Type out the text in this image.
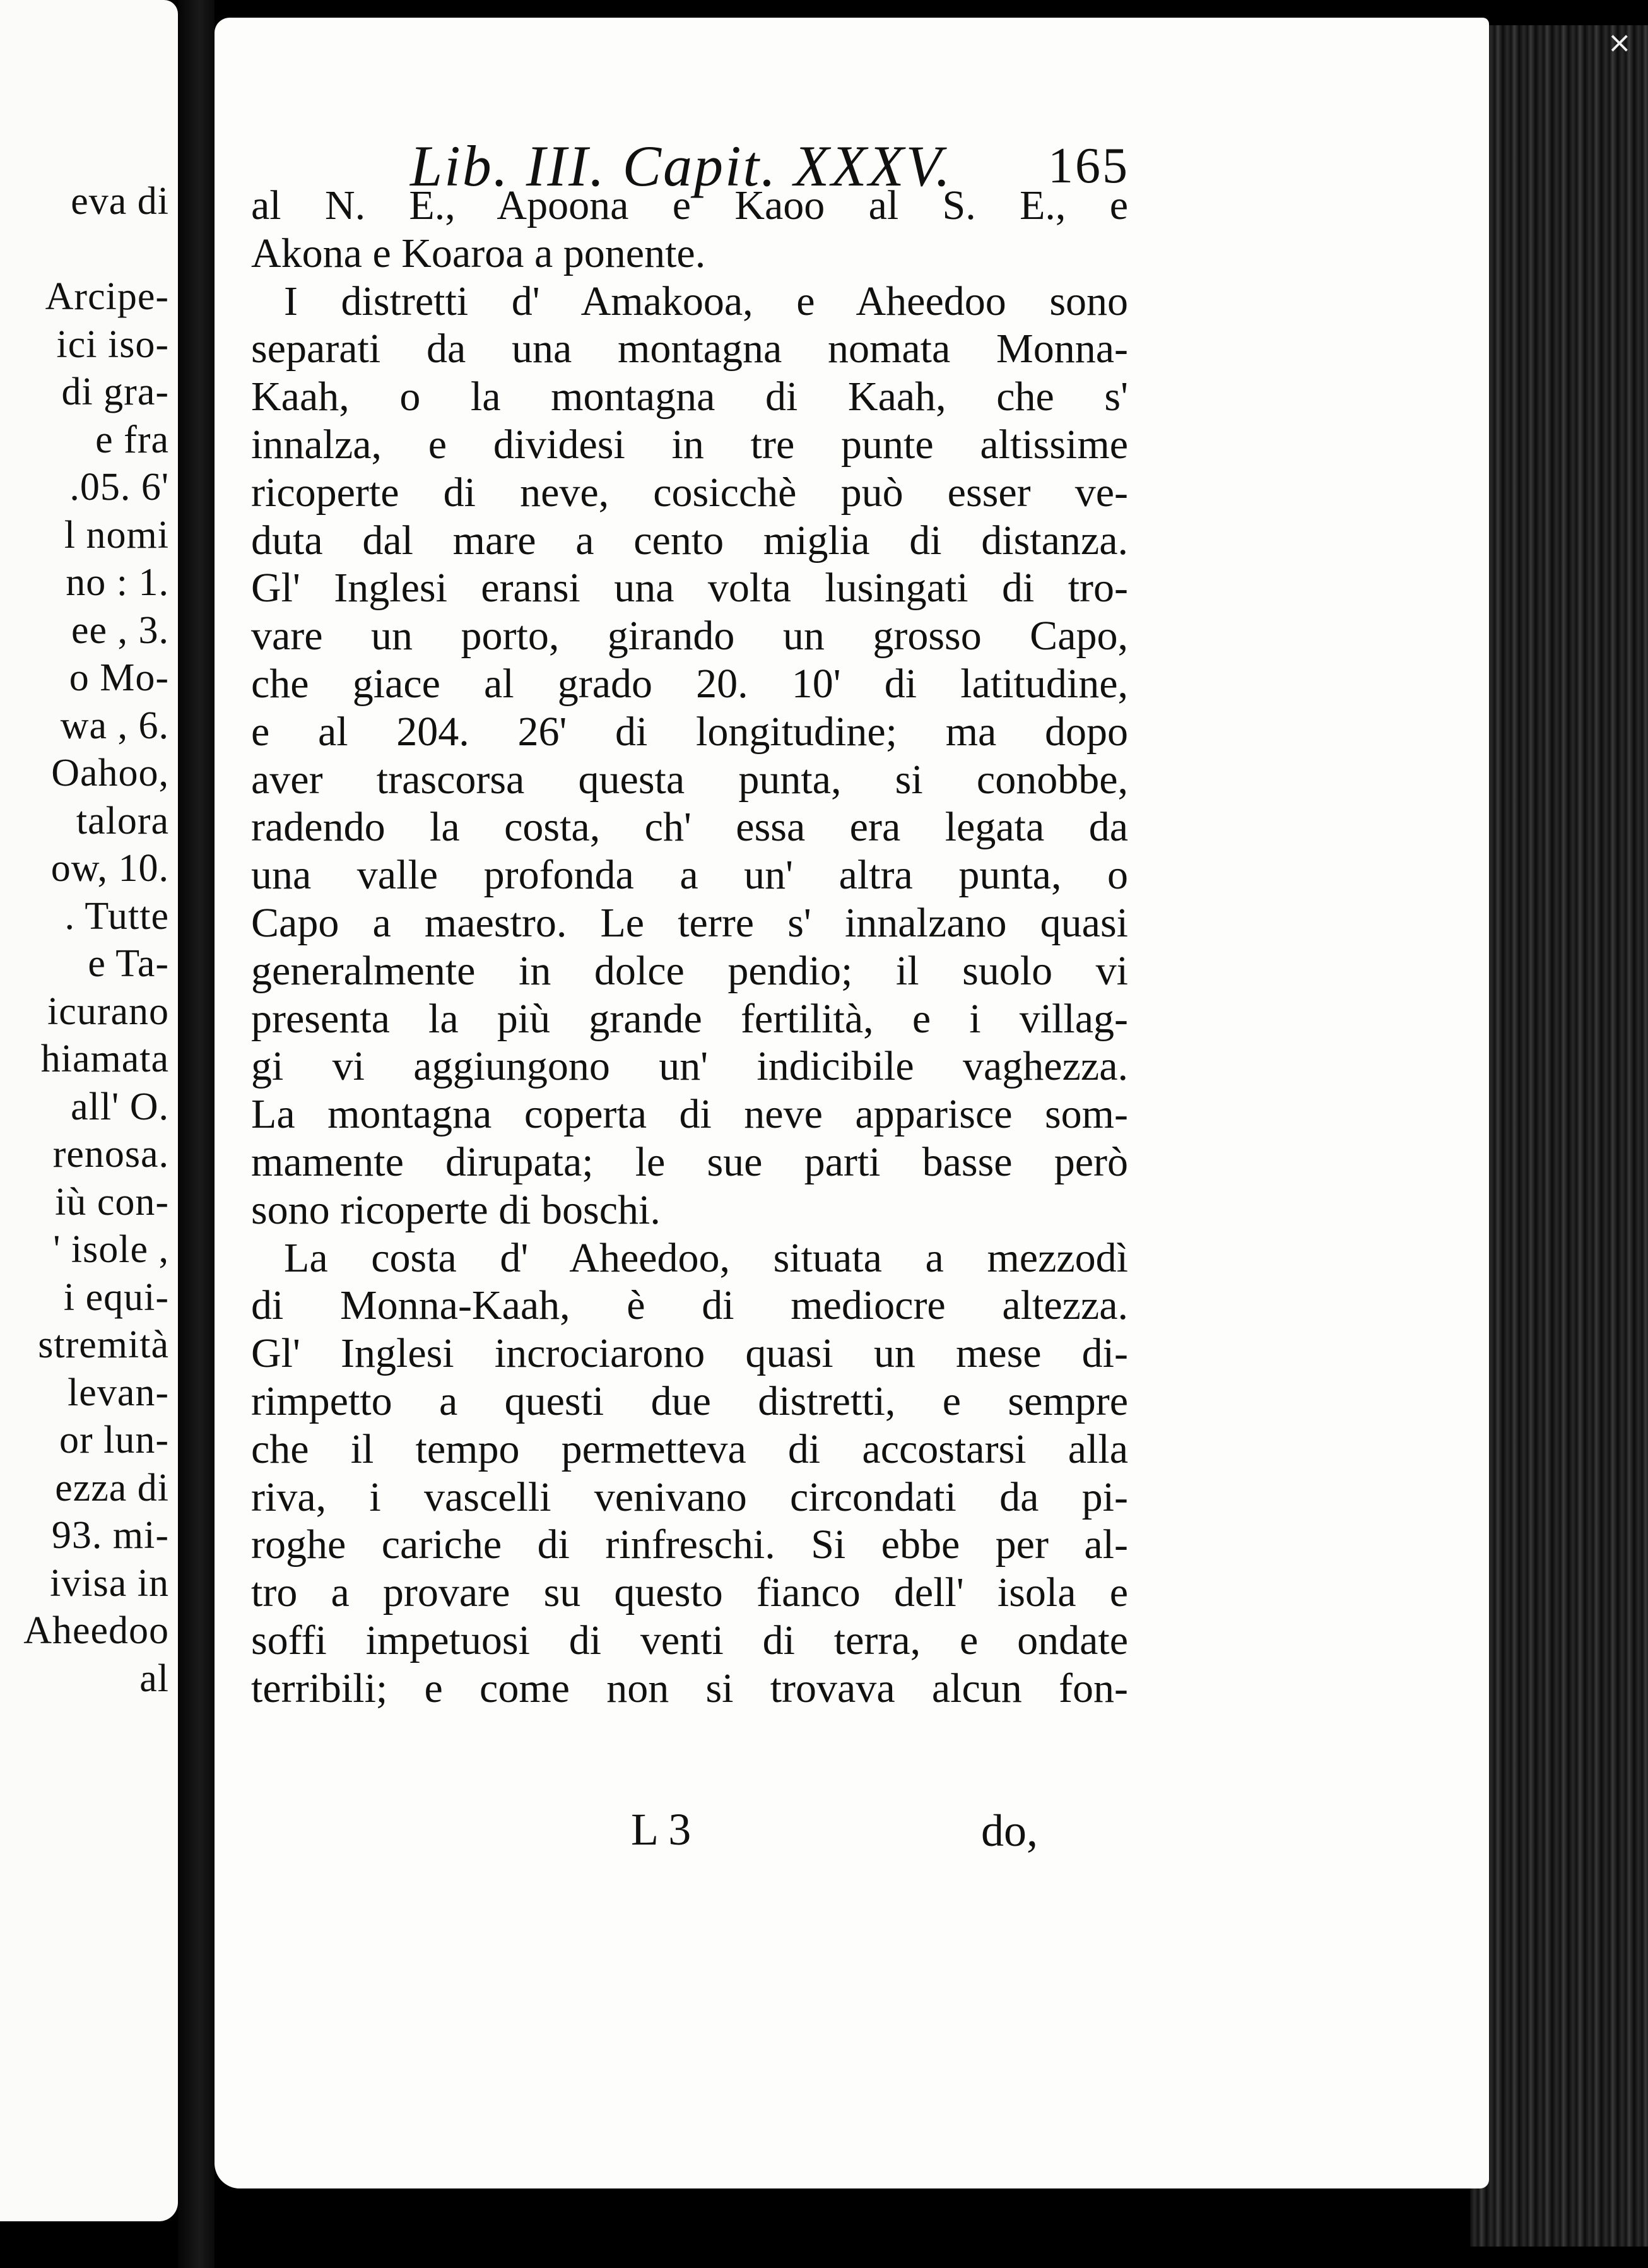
eva di

Arcipe-
ici iso-
di gra-
e fra
.05. 6'
l nomi
no : 1.
ee , 3.
o Mo-
wa , 6.
Oahoo,
talora
ow, 10.
. Tutte
e Ta-
icurano
hiamata
all' O.
renosa.
iù con-
' isole ,
i equi-
stremità
levan-
or lun-
ezza di
93. mi-
ivisa in
Aheedoo
al
×
Lib. III. Capit. XXXV. 165
al N. E., Apoona e Kaoo al S. E., e
Akona e Koaroa a ponente.
I distretti d' Amakooa, e Aheedoo sono
separati da una montagna nomata Monna-
Kaah, o la montagna di Kaah, che s'
innalza, e dividesi in tre punte altissime
ricoperte di neve, cosicchè può esser ve-
duta dal mare a cento miglia di distanza.
Gl' Inglesi eransi una volta lusingati di tro-
vare un porto, girando un grosso Capo,
che giace al grado 20. 10' di latitudine,
e al 204. 26' di longitudine; ma dopo
aver trascorsa questa punta, si conobbe,
radendo la costa, ch' essa era legata da
una valle profonda a un' altra punta, o
Capo a maestro. Le terre s' innalzano quasi
generalmente in dolce pendio; il suolo vi
presenta la più grande fertilità, e i villag-
gi vi aggiungono un' indicibile vaghezza.
La montagna coperta di neve apparisce som-
mamente dirupata; le sue parti basse però
sono ricoperte di boschi.
La costa d' Aheedoo, situata a mezzodì
di Monna-Kaah, è di mediocre altezza.
Gl' Inglesi incrociarono quasi un mese di-
rimpetto a questi due distretti, e sempre
che il tempo permetteva di accostarsi alla
riva, i vascelli venivano circondati da pi-
roghe cariche di rinfreschi. Si ebbe per al-
tro a provare su questo fianco dell' isola e
soffi impetuosi di venti di terra, e ondate
terribili; e come non si trovava alcun fon-
L 3	do,
